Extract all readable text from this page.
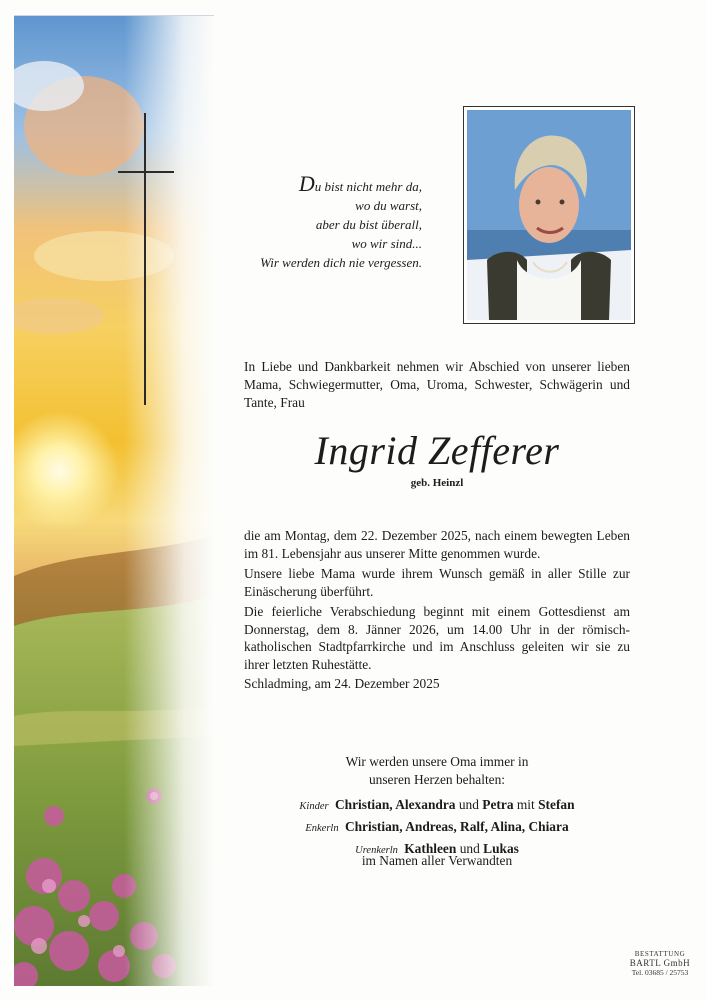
Du bist nicht mehr da,
wo du warst,
aber du bist überall,
wo wir sind...
Wir werden dich nie vergessen.
In Liebe und Dankbarkeit nehmen wir Abschied von unserer lieben Mama, Schwiegermutter, Oma, Uroma, Schwester, Schwägerin und Tante, Frau
Ingrid Zefferer
geb. Heinzl
die am Montag, dem 22. Dezember 2025, nach einem bewegten Leben im 81. Lebensjahr aus unserer Mitte genommen wurde.
Unsere liebe Mama wurde ihrem Wunsch gemäß in aller Stille zur Einäscherung überführt.
Die feierliche Verabschiedung beginnt mit einem Gottesdienst am Donnerstag, dem 8. Jänner 2026, um 14.00 Uhr in der römisch-katholischen Stadtpfarrkirche und im Anschluss geleiten wir sie zu ihrer letzten Ruhestätte.
Schladming, am 24. Dezember 2025
Wir werden unsere Oma immer in
unseren Herzen behalten:
Kinder Christian, Alexandra und Petra mit Stefan
Enkerln Christian, Andreas, Ralf, Alina, Chiara
Urenkerln Kathleen und Lukas
im Namen aller Verwandten
BESTATTUNG
BARTL GmbH
Tel. 03685 / 25753
